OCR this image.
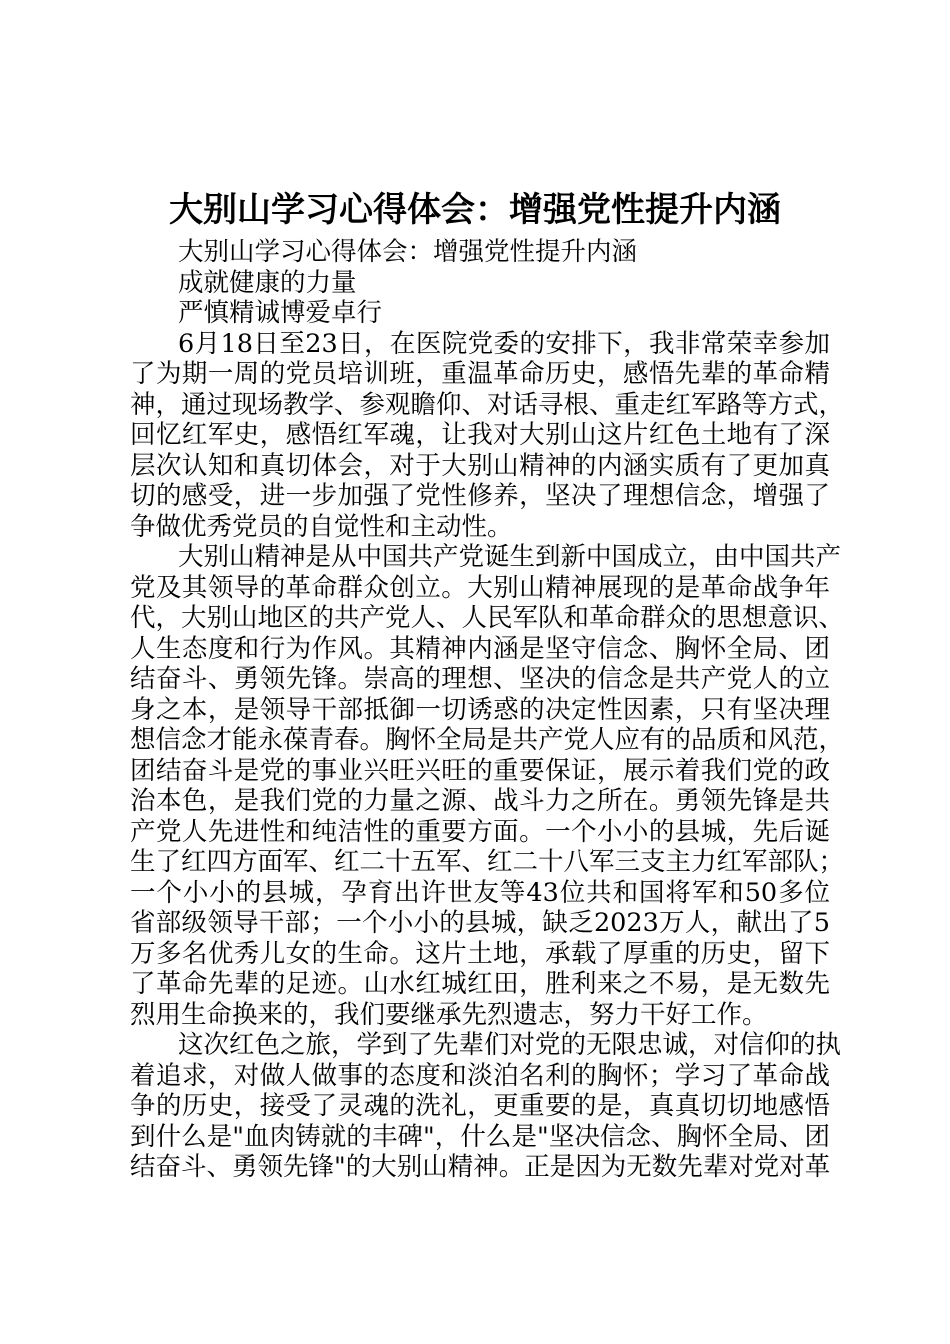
大别山学习心得体会：增强党性提升内涵
大别山学习心得体会：增强党性提升内涵
成就健康的力量
严慎精诚博爱卓行
6月18日至23日，在医院党委的安排下，我非常荣幸参加
了为期一周的党员培训班，重温革命历史，感悟先辈的革命精
神，通过现场教学、参观瞻仰、对话寻根、重走红军路等方式，
回忆红军史，感悟红军魂，让我对大别山这片红色土地有了深
层次认知和真切体会，对于大别山精神的内涵实质有了更加真
切的感受，进一步加强了党性修养，坚决了理想信念，增强了
争做优秀党员的自觉性和主动性。
大别山精神是从中国共产党诞生到新中国成立，由中国共产
党及其领导的革命群众创立。大别山精神展现的是革命战争年
代，大别山地区的共产党人、人民军队和革命群众的思想意识、
人生态度和行为作风。其精神内涵是坚守信念、胸怀全局、团
结奋斗、勇领先锋。崇高的理想、坚决的信念是共产党人的立
身之本，是领导干部抵御一切诱惑的决定性因素，只有坚决理
想信念才能永葆青春。胸怀全局是共产党人应有的品质和风范，
团结奋斗是党的事业兴旺兴旺的重要保证，展示着我们党的政
治本色，是我们党的力量之源、战斗力之所在。勇领先锋是共
产党人先进性和纯洁性的重要方面。一个小小的县城，先后诞
生了红四方面军、红二十五军、红二十八军三支主力红军部队；
一个小小的县城，孕育出许世友等43位共和国将军和50多位
省部级领导干部；一个小小的县城，缺乏2023万人，献出了5
万多名优秀儿女的生命。这片土地，承载了厚重的历史，留下
了革命先辈的足迹。山水红城红田，胜利来之不易，是无数先
烈用生命换来的，我们要继承先烈遗志，努力干好工作。
这次红色之旅，学到了先辈们对党的无限忠诚，对信仰的执
着追求，对做人做事的态度和淡泊名利的胸怀；学习了革命战
争的历史，接受了灵魂的洗礼，更重要的是，真真切切地感悟
到什么是"血肉铸就的丰碑"，什么是"坚决信念、胸怀全局、团
结奋斗、勇领先锋"的大别山精神。正是因为无数先辈对党对革
